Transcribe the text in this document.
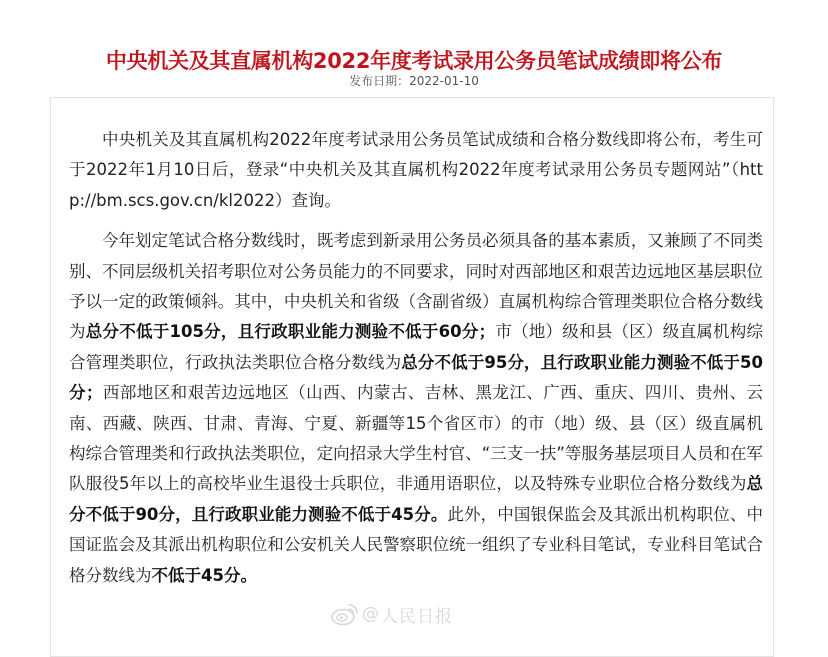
中央机关及其直属机构2022年度考试录用公务员笔试成绩即将公布
发布日期：2022-01-10

中央机关及其直属机构2022年度考试录用公务员笔试成绩和合格分数线即将公布，考生可于2022年1月10日后，登录“中央机关及其直属机构2022年度考试录用公务员专题网站”（http://bm.scs.gov.cn/kl2022）查询。

今年划定笔试合格分数线时，既考虑到新录用公务员必须具备的基本素质，又兼顾了不同类别、不同层级机关招考职位对公务员能力的不同要求，同时对西部地区和艰苦边远地区基层职位予以一定的政策倾斜。其中，中央机关和省级（含副省级）直属机构综合管理类职位合格分数线为总分不低于105分，且行政职业能力测验不低于60分；市（地）级和县（区）级直属机构综合管理类职位，行政执法类职位合格分数线为总分不低于95分，且行政职业能力测验不低于50分；西部地区和艰苦边远地区（山西、内蒙古、吉林、黑龙江、广西、重庆、四川、贵州、云南、西藏、陕西、甘肃、青海、宁夏、新疆等15个省区市）的市（地）级、县（区）级直属机构综合管理类和行政执法类职位，定向招录大学生村官、“三支一扶”等服务基层项目人员和在军队服役5年以上的高校毕业生退役士兵职位，非通用语职位，以及特殊专业职位合格分数线为总分不低于90分，且行政职业能力测验不低于45分。此外，中国银保监会及其派出机构职位、中国证监会及其派出机构职位和公安机关人民警察职位统一组织了专业科目笔试，专业科目笔试合格分数线为不低于45分。

@ 人民日报
